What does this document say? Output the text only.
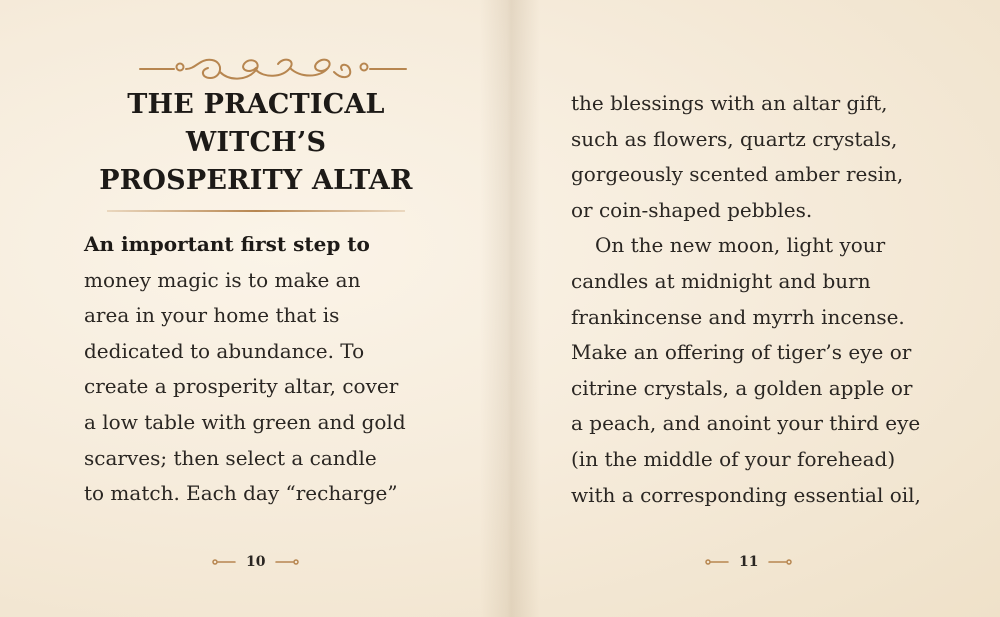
THE PRACTICAL
WITCH’S
PROSPERITY ALTAR
An important first step to
money magic is to make an
area in your home that is
dedicated to abundance. To
create a prosperity altar, cover
a low table with green and gold
scarves; then select a candle
to match. Each day “recharge”
10
the blessings with an altar gift,
such as flowers, quartz crystals,
gorgeously scented amber resin,
or coin-shaped pebbles.
On the new moon, light your
candles at midnight and burn
frankincense and myrrh incense.
Make an offering of tiger’s eye or
citrine crystals, a golden apple or
a peach, and anoint your third eye
(in the middle of your forehead)
with a corresponding essential oil,
11
